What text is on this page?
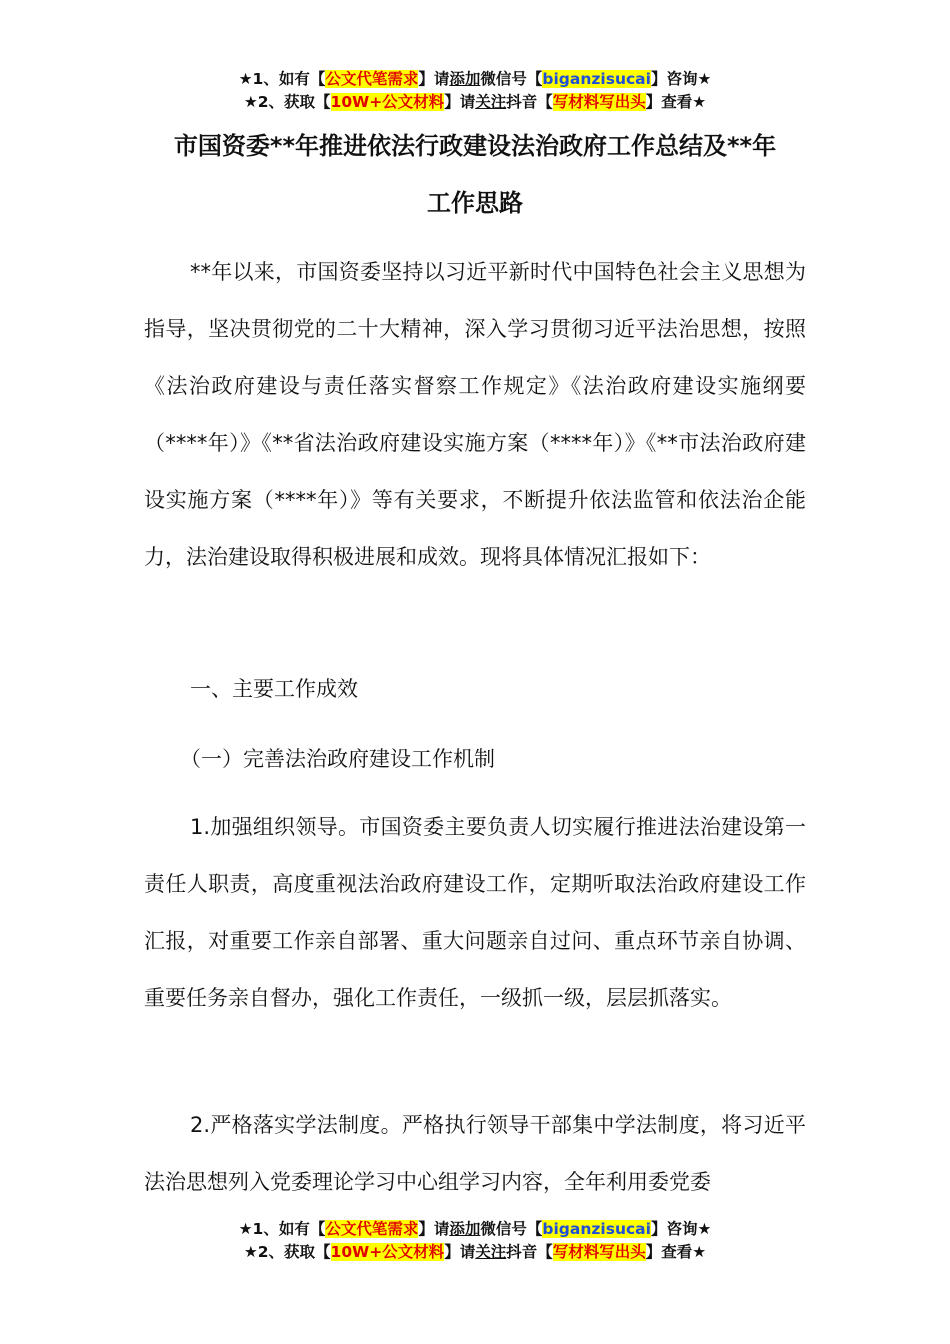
★1、如有【公文代笔需求】请添加微信号【biganzisucai】咨询★
★2、获取【10W+公文材料】请关注抖音【写材料写出头】查看★
市国资委**年推进依法行政建设法治政府工作总结及**年
工作思路

**年以来，市国资委坚持以习近平新时代中国特色社会主义思想为指导，坚决贯彻党的二十大精神，深入学习贯彻习近平法治思想，按照《法治政府建设与责任落实督察工作规定》《法治政府建设实施纲要（****年）》《**省法治政府建设实施方案（****年）》《**市法治政府建设实施方案（****年）》等有关要求，不断提升依法监管和依法治企能力，法治建设取得积极进展和成效。现将具体情况汇报如下：

一、主要工作成效

（一）完善法治政府建设工作机制

1.加强组织领导。市国资委主要负责人切实履行推进法治建设第一责任人职责，高度重视法治政府建设工作，定期听取法治政府建设工作汇报，对重要工作亲自部署、重大问题亲自过问、重点环节亲自协调、重要任务亲自督办，强化工作责任，一级抓一级，层层抓落实。

2.严格落实学法制度。严格执行领导干部集中学法制度，将习近平法治思想列入党委理论学习中心组学习内容，全年利用委党委

★1、如有【公文代笔需求】请添加微信号【biganzisucai】咨询★
★2、获取【10W+公文材料】请关注抖音【写材料写出头】查看★
